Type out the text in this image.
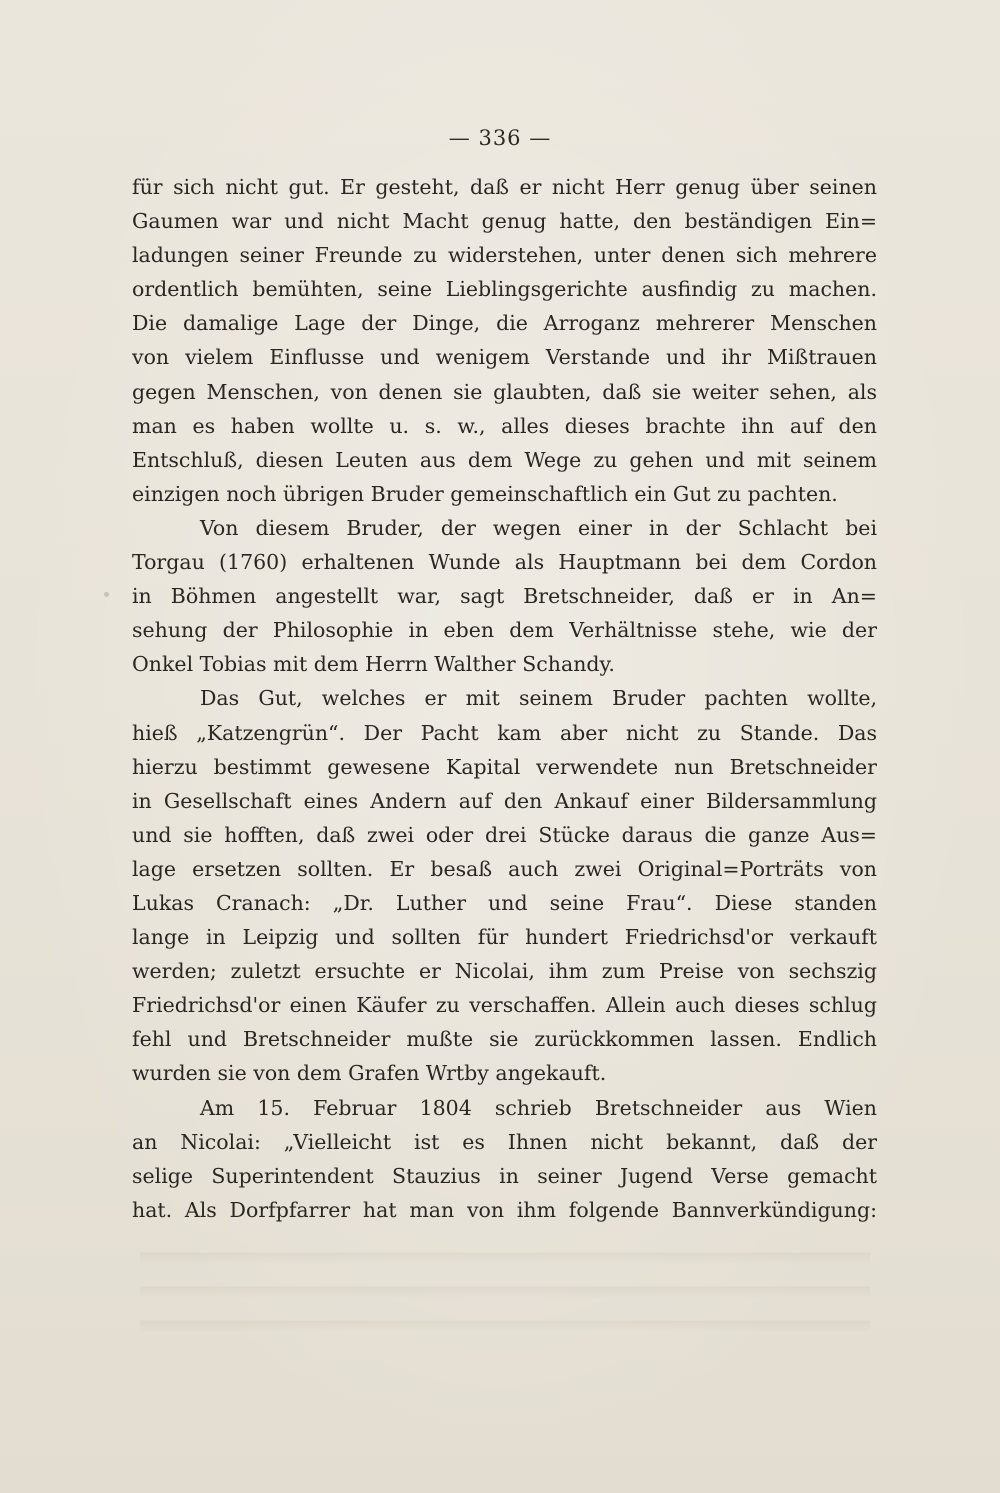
— 336 —
für sich nicht gut. Er gesteht, daß er nicht Herr genug über seinen
Gaumen war und nicht Macht genug hatte, den beständigen Ein=
ladungen seiner Freunde zu widerstehen, unter denen sich mehrere
ordentlich bemühten, seine Lieblingsgerichte ausfindig zu machen.
Die damalige Lage der Dinge, die Arroganz mehrerer Menschen
von vielem Einflusse und wenigem Verstande und ihr Mißtrauen
gegen Menschen, von denen sie glaubten, daß sie weiter sehen, als
man es haben wollte u. s. w., alles dieses brachte ihn auf den
Entschluß, diesen Leuten aus dem Wege zu gehen und mit seinem
einzigen noch übrigen Bruder gemeinschaftlich ein Gut zu pachten.
Von diesem Bruder, der wegen einer in der Schlacht bei
Torgau (1760) erhaltenen Wunde als Hauptmann bei dem Cordon
in Böhmen angestellt war, sagt Bretschneider, daß er in An=
sehung der Philosophie in eben dem Verhältnisse stehe, wie der
Onkel Tobias mit dem Herrn Walther Schandy.
Das Gut, welches er mit seinem Bruder pachten wollte,
hieß „Katzengrün“. Der Pacht kam aber nicht zu Stande. Das
hierzu bestimmt gewesene Kapital verwendete nun Bretschneider
in Gesellschaft eines Andern auf den Ankauf einer Bildersammlung
und sie hofften, daß zwei oder drei Stücke daraus die ganze Aus=
lage ersetzen sollten. Er besaß auch zwei Original=Porträts von
Lukas Cranach: „Dr. Luther und seine Frau“. Diese standen
lange in Leipzig und sollten für hundert Friedrichsd'or verkauft
werden; zuletzt ersuchte er Nicolai, ihm zum Preise von sechszig
Friedrichsd'or einen Käufer zu verschaffen. Allein auch dieses schlug
fehl und Bretschneider mußte sie zurückkommen lassen. Endlich
wurden sie von dem Grafen Wrtby angekauft.
Am 15. Februar 1804 schrieb Bretschneider aus Wien
an Nicolai: „Vielleicht ist es Ihnen nicht bekannt, daß der
selige Superintendent Stauzius in seiner Jugend Verse gemacht
hat. Als Dorfpfarrer hat man von ihm folgende Bannverkündigung:
